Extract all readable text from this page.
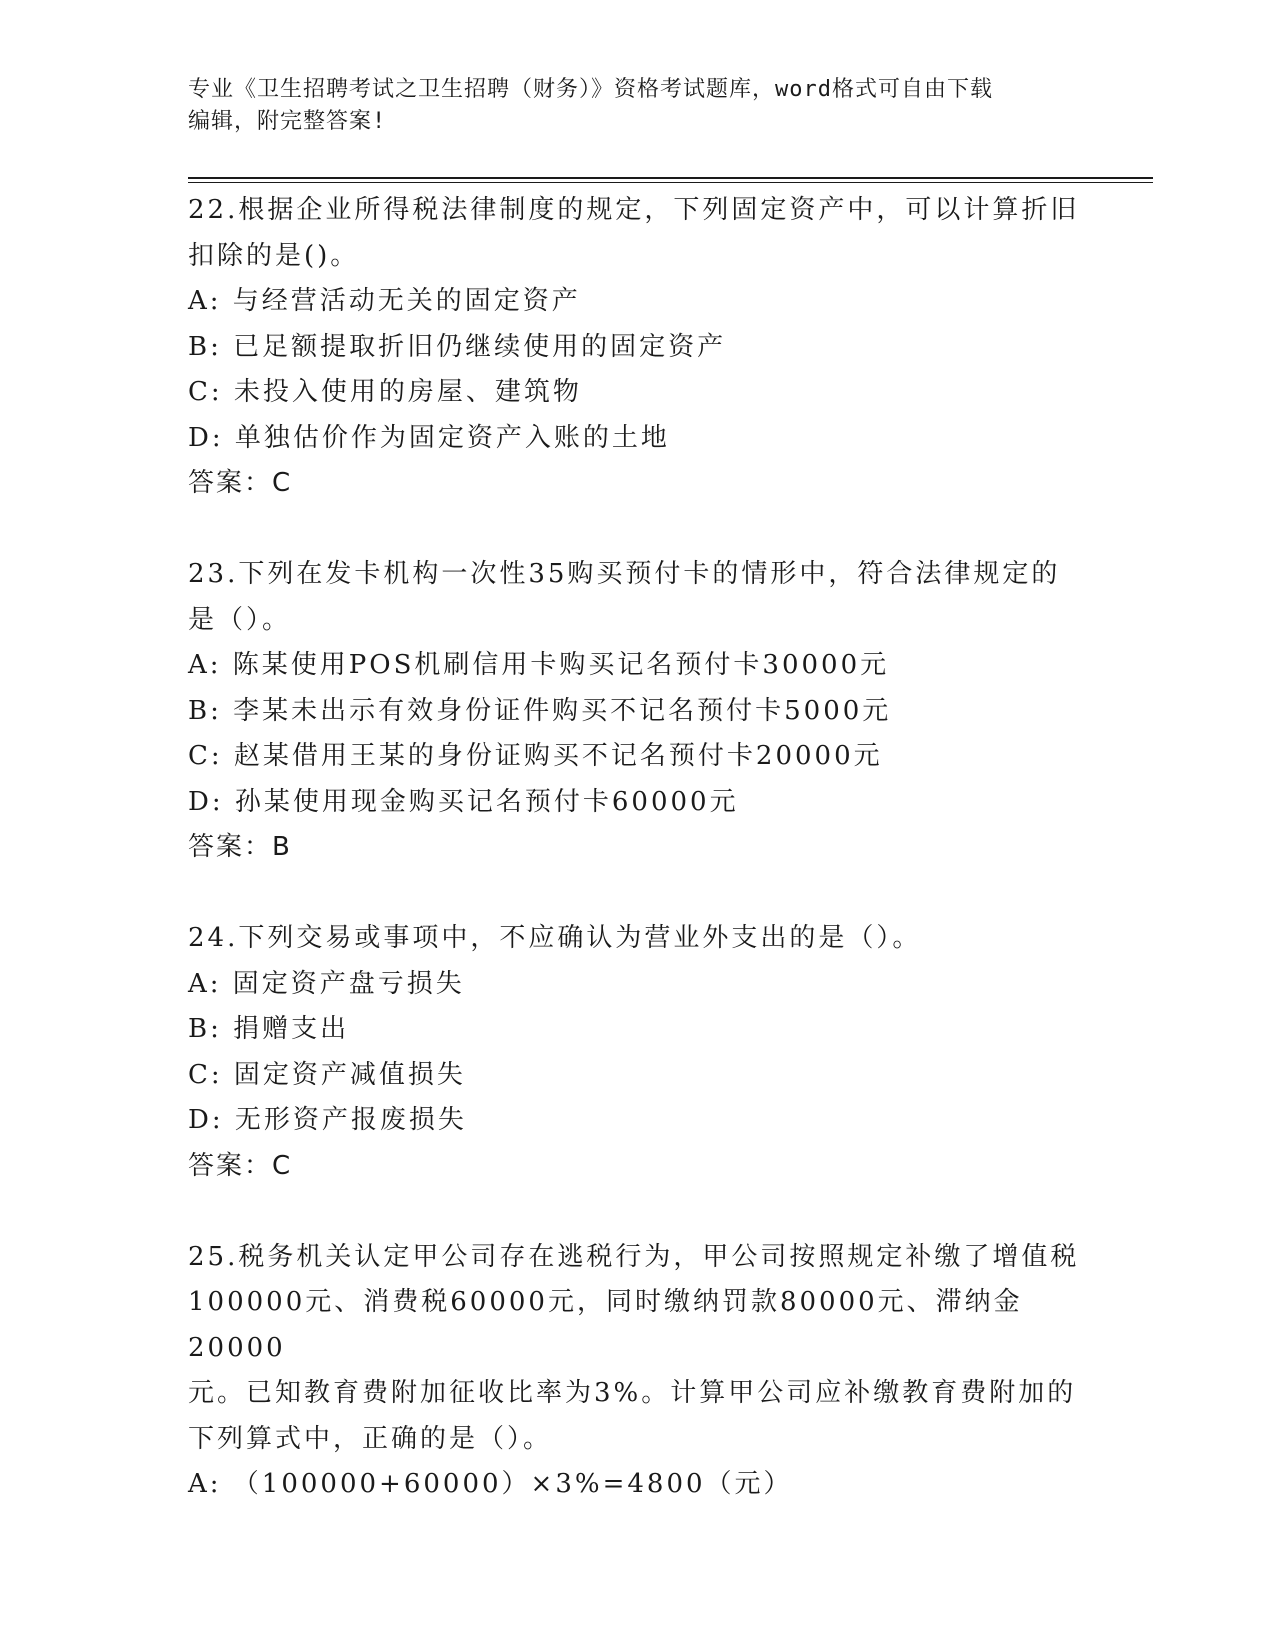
专业《卫生招聘考试之卫生招聘（财务）》资格考试题库，word格式可自由下载
编辑，附完整答案!
22.根据企业所得税法律制度的规定，下列固定资产中，可以计算折旧
扣除的是()。
A: 与经营活动无关的固定资产
B: 已足额提取折旧仍继续使用的固定资产
C: 未投入使用的房屋、建筑物
D: 单独估价作为固定资产入账的土地
答案：C
23.下列在发卡机构一次性35购买预付卡的情形中，符合法律规定的
是（）。
A: 陈某使用POS机刷信用卡购买记名预付卡30000元
B: 李某未出示有效身份证件购买不记名预付卡5000元
C: 赵某借用王某的身份证购买不记名预付卡20000元
D: 孙某使用现金购买记名预付卡60000元
答案：B
24.下列交易或事项中，不应确认为营业外支出的是（）。
A: 固定资产盘亏损失
B: 捐赠支出
C: 固定资产减值损失
D: 无形资产报废损失
答案：C
25.税务机关认定甲公司存在逃税行为，甲公司按照规定补缴了增值税
100000元、消费税60000元，同时缴纳罚款80000元、滞纳金20000
元。已知教育费附加征收比率为3%。计算甲公司应补缴教育费附加的
下列算式中，正确的是（）。
A: （100000+60000）×3%=4800（元）
